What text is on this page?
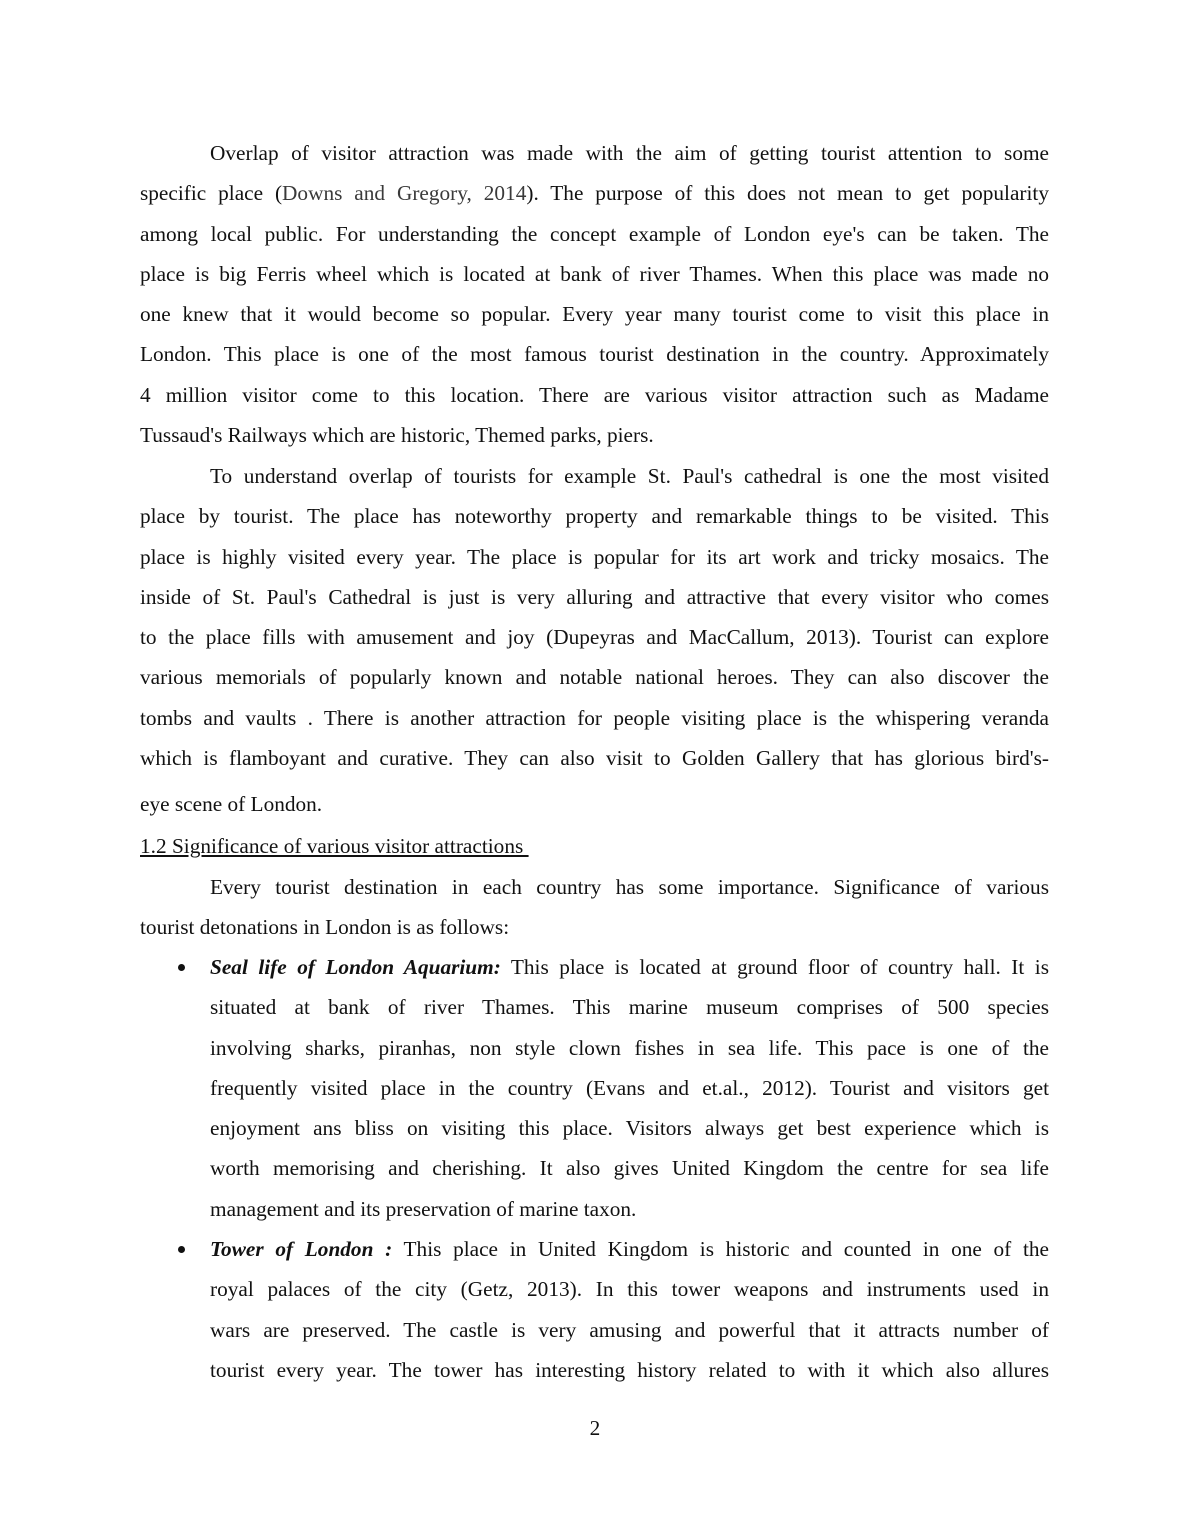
Overlap of visitor attraction was made with the aim of getting tourist attention to some
specific place (Downs and Gregory, 2014). The purpose of this does not mean to get popularity
among local public. For understanding the concept example of London eye's can be taken. The
place is big Ferris wheel which is located at bank of river Thames. When this place was made no
one knew that it would become so popular. Every year many tourist come to visit this place in
London. This place is one of the most famous tourist destination in the country. Approximately
4 million visitor come to this location. There are various visitor attraction such as Madame
Tussaud's Railways which are historic, Themed parks, piers.
To understand overlap of tourists for example St. Paul's cathedral is one the most visited
place by tourist. The place has noteworthy property and remarkable things to be visited. This
place is highly visited every year. The place is popular for its art work and tricky mosaics. The
inside of St. Paul's Cathedral is just is very alluring and attractive that every visitor who comes
to the place fills with amusement and joy (Dupeyras and MacCallum, 2013). Tourist can explore
various memorials of popularly known and notable national heroes. They can also discover the
tombs and vaults . There is another attraction for people visiting place is the whispering veranda
which is flamboyant and curative. They can also visit to Golden Gallery that has glorious bird's-
eye scene of London.
1.2 Significance of various visitor attractions
Every tourist destination in each country has some importance. Significance of various
tourist detonations in London is as follows:
Seal life of London Aquarium: This place is located at ground floor of country hall. It is
situated at bank of river Thames. This marine museum comprises of 500 species
involving sharks, piranhas, non style clown fishes in sea life. This pace is one of the
frequently visited place in the country (Evans and et.al., 2012). Tourist and visitors get
enjoyment ans bliss on visiting this place. Visitors always get best experience which is
worth memorising and cherishing. It also gives United Kingdom the centre for sea life
management and its preservation of marine taxon.
Tower of London : This place in United Kingdom is historic and counted in one of the
royal palaces of the city (Getz, 2013). In this tower weapons and instruments used in
wars are preserved. The castle is very amusing and powerful that it attracts number of
tourist every year. The tower has interesting history related to with it which also allures
2
